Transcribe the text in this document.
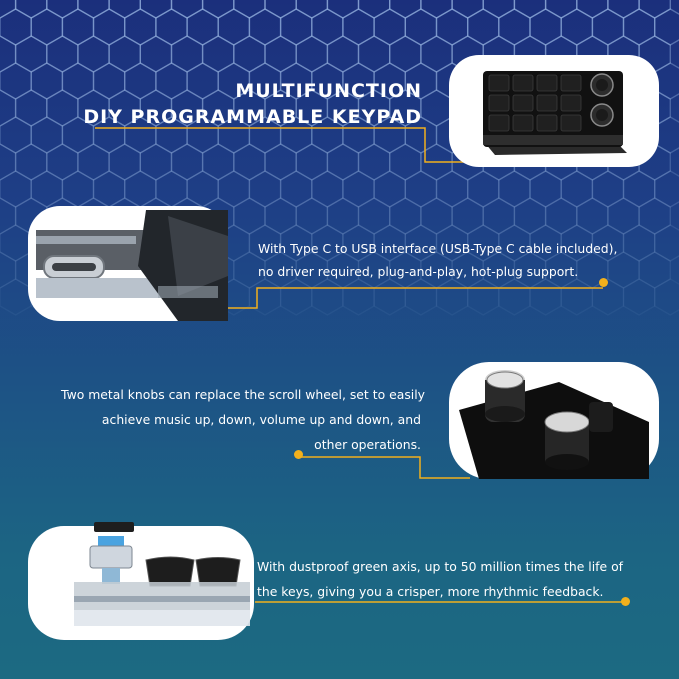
MULTIFUNCTION
DIY PROGRAMMABLE KEYPAD
With Type C to USB interface (USB-Type C cable included),
no driver required, plug-and-play, hot-plug support.
Two metal knobs can replace the scroll wheel, set to easily
achieve music up, down, volume up and down, and
other operations.
With dustproof green axis, up to 50 million times the life of
the keys, giving you a crisper, more rhythmic feedback.
